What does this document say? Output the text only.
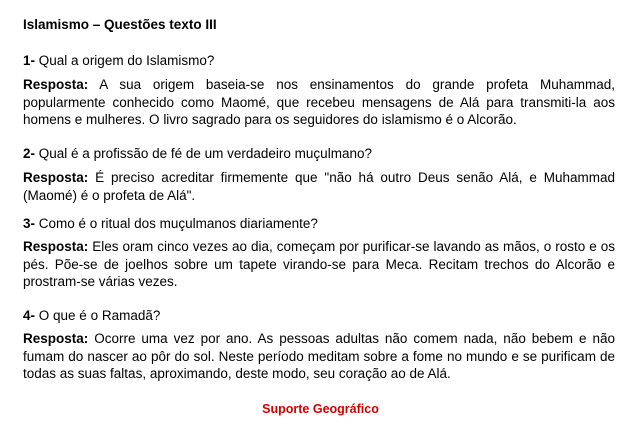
Islamismo – Questões texto III
1- Qual a origem do Islamismo?
Resposta: A sua origem baseia-se nos ensinamentos do grande profeta Muhammad, popularmente conhecido como Maomé, que recebeu mensagens de Alá para transmiti-la aos homens e mulheres. O livro sagrado para os seguidores do islamismo é o Alcorão.
2- Qual é a profissão de fé de um verdadeiro muçulmano?
Resposta: É preciso acreditar firmemente que "não há outro Deus senão Alá, e Muhammad (Maomé) é o profeta de Alá".
3- Como é o ritual dos muçulmanos diariamente?
Resposta: Eles oram cinco vezes ao dia, começam por purificar-se lavando as mãos, o rosto e os pés. Põe-se de joelhos sobre um tapete virando-se para Meca. Recitam trechos do Alcorão e prostram-se várias vezes.
4- O que é o Ramadã?
Resposta: Ocorre uma vez por ano. As pessoas adultas não comem nada, não bebem e não fumam do nascer ao pôr do sol. Neste período meditam sobre a fome no mundo e se purificam de todas as suas faltas, aproximando, deste modo, seu coração ao de Alá.
Suporte Geográfico
